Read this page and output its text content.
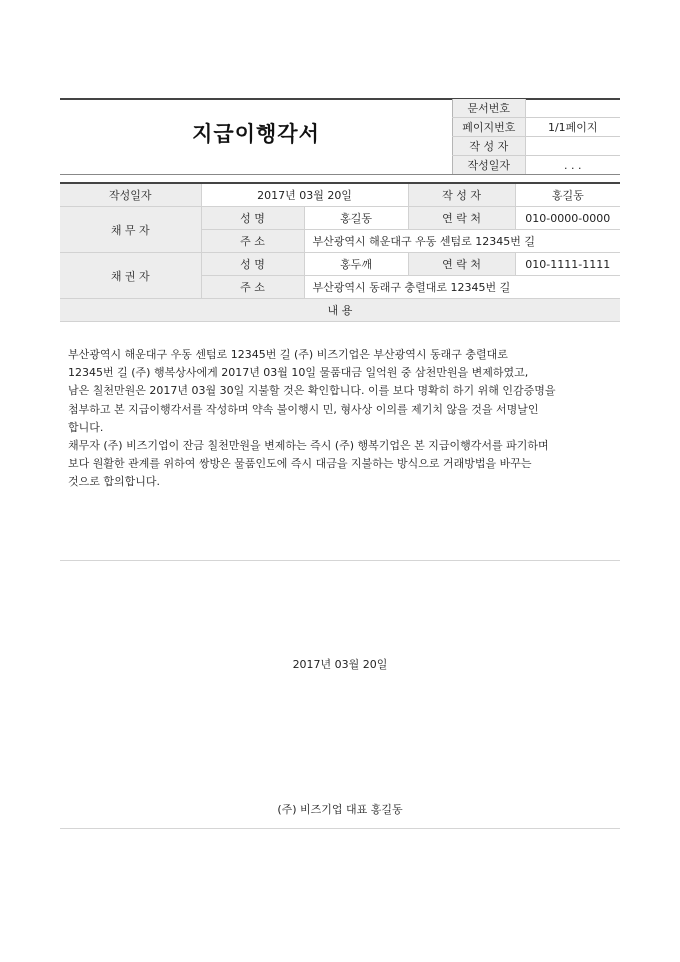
지급이행각서
문서번호	
페이지번호	1/1페이지
작 성 자	
작성일자	. . .
작성일자	2017년 03월 20일		작 성 자	홍길동
채 무 자	성 명	홍길동	연 락 처	010-0000-0000
	주 소	부산광역시 해운대구 우동 센텀로 12345번 길		
채 권 자	성 명	홍두깨	연 락 처	010-1111-1111
	주 소	부산광역시 동래구 충렬대로 12345번 길		
내 용				

부산광역시 해운대구 우동 센텀로 12345번 길 (주) 비즈기업은 부산광역시 동래구 충렬대로

12345번 길 (주) 행복상사에게 2017년 03월 10일 물품대금 일억원 중 삼천만원을 변제하였고,

남은 칠천만원은 2017년 03월 30일 지불할 것은 확인합니다. 이를 보다 명확히 하기 위해 인감증명을

첨부하고 본 지급이행각서를 작성하며 약속 불이행시 민, 형사상 이의를 제기치 않을 것을 서명날인

합니다.

채무자 (주) 비즈기업이 잔금 칠천만원을 변제하는 즉시 (주) 행복기업은 본 지급이행각서를 파기하며

보다 원활한 관계를 위하여 쌍방은 물품인도에 즉시 대금을 지불하는 방식으로 거래방법을 바꾸는

것으로 합의합니다.

2017년 03월 20일
(주) 비즈기업 대표 홍길동
